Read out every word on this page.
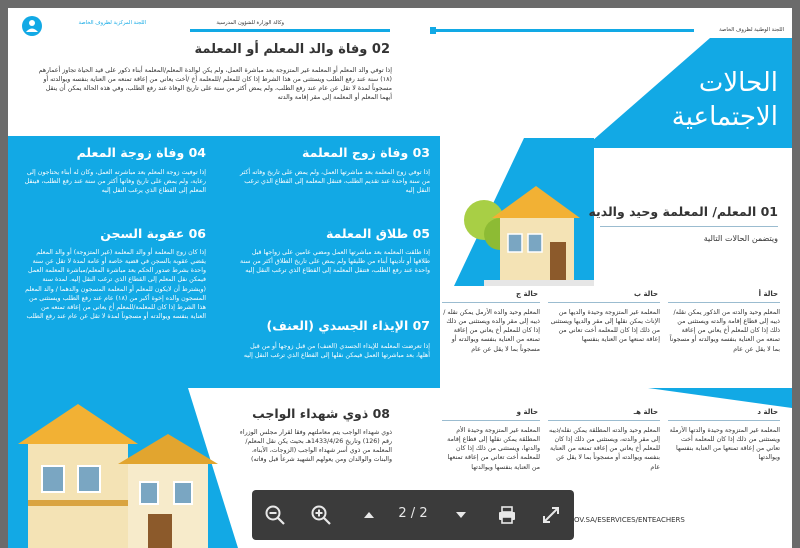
وكالة الوزارة للشؤون المدرسية
اللجنة المركزية لظروف الخاصة
اللجنة الوطنية لظروف الخاصة
الحالات
الاجتماعية
02 وفاة والد المعلم أو المعلمة
إذا توفي والد المعلم أو المعلمة غير المتزوجة بعد مباشرة العمل، ولم يكن لوالدة المعلم/المعلمة أبناء ذكور على قيد الحياة تجاوز أعمارهم (١٨) سنة عند رفع الطلب ويستثنى من هذا الشرط إذا كان للمعلم /للمعلمة أخ /أخت يعاني من إعاقة تمنعه من العناية بنفسه ويوالدته أو مسجوناً لمدة لا تقل عن عام عند رفع الطلب، ولم يمض أكثر من سنة على تاريخ الوفاة عند رفع الطلب، وفي هذه الحالة يمكن أن ينقل أيهما المعلم أو المعلمة إلى مقر إقامة والدته
03 وفاة زوج المعلمة
إذا توفي زوج المعلمة بعد مباشرتها العمل، ولم يمض على تاريخ وفاته أكثر من سنة واحدة عند تقديم الطلب، فتنقل المعلمة إلى القطاع الذي ترغب النقل إليه
04 وفاة زوجة المعلم
إذا توفيت زوجة المعلم بعد مباشرته العمل، وكان له أبناء يحتاجون إلى رعاية، ولم يمض على تاريخ وفاتها أكثر من سنة عند رفع الطلب، فينقل المعلم إلى القطاع الذي يرغب النقل إليه
05 طلاق المعلمة
إذا طلقت المعلمة بعد مباشرتها العمل ومضي عامين على زواجها قبل طلاقها أو تأديتها أبناء من طليقها ولم يمض على تاريخ الطلاق أكثر من سنة واحدة عند رفع الطلب، فتنقل المعلمة إلى القطاع الذي ترغب النقل إليه
06 عقوبة السجن
إذا كان زوج المعلمة أو والد المعلمة (غير المتزوجة) أو والد المعلم يقضي عقوبة بالسجن في قضية خاصة أو عامة لمدة لا تقل عن سنة واحدة بشرط صدور الحكم بعد مباشرة المعلم/مباشرة المعلمة العمل فيمكن نقل المعلم إلى القطاع الذي ترغب النقل إليه. لمدة سنة (ويشترط أن لايكون للمعلم أو المعلمة المسجون والدهما / والد المعلم المسجون والده إخوة أكبر من (١٨) عام عند رفع الطلب ويستثنى من هذا الشرط إذا كان للمعلمة/للمعلم أخ يعاني من إعاقة تمنعه من العناية بنفسه ويوالدته أو مسجوناً لمدة لا تقل عن عام عند رفع الطلب
07 الإيذاء الجسدي (العنف)
إذا تعرضت المعلمة للإيذاء الجسدي (العنف) من قبل زوجها أو من قبل أهلها، بعد مباشرتها العمل فيمكن نقلها إلى القطاع الذي ترغب النقل إليه
08 ذوي شهداء الواجب
ذوي شهداء الواجب يتم معاملتهم وفقا لقرار مجلس الوزراء رقم (126) وتاريخ 1433/4/26هـ بحيث يكن نقل المعلم/المعلمة من ذوي أسر شهداء الواجب (الزوجات، الأبناء، والبنات والوالدان ومن يعولهم الشهيد شرعاً قبل وفاته)
01 المعلم/ المعلمة وحيد والديه
ويتضمن الحالات التالية
حالة أ
المعلم وحيد والدته من الذكور يمكن نقله/ ذيبه إلى قطاع إقامة والدته ويستثنى من ذلك إذا كان للمعلم أخ يعاني من إعاقة تمنعه من العناية بنفسه ويوالدته أو مسجوناً بما لا يقل عن عام
حالة ب
المعلمة غير المتزوجة وحيدة والديها من الإناث يمكن نقلها إلى مقر والديها ويستثنى من ذلك إذا كان للمعلمة أخت تعاني من إعاقة تمنعها من العناية بنفسها
حالة ج
المعلم وحيد والده الأرمل يمكن نقله / ذيبه إلى مقر والده ويستثنى من ذلك إذا كان للمعلم أخ يعاني من إعاقة تمنعه من العناية بنفسه ويوالدته أو مسجوناً بما لا يقل عن عام
حالة د
المعلمة غير المتزوجة وحيدة والدتها الأرملة ويستثنى من ذلك إذا كان للمعلمة أخت تعاني من إعاقة تمنعها من العناية بنفسها ويوالدتها
حالة هـ
المعلم وحيد والدته المطلقة يمكن نقله/ذيبه إلى مقر والدته، ويستثنى من ذلك إذا كان للمعلم أخ يعاني من إعاقة تمنعه من العناية بنفسه ويوالدته أو مسجوناً بما لا يقل عن عام
حالة و
المعلمة غير المتزوجة وحيدة الأم المطلقة يمكن نقلها إلى قطاع إقامة والدتها، ويستثنى من ذلك إذا كان للمعلمة أخت تعاني من إعاقة تمنعها من العناية بنفسها ويوالدتها
OV.SA/ESERVICES/ENTEACHERS
2 / 2
